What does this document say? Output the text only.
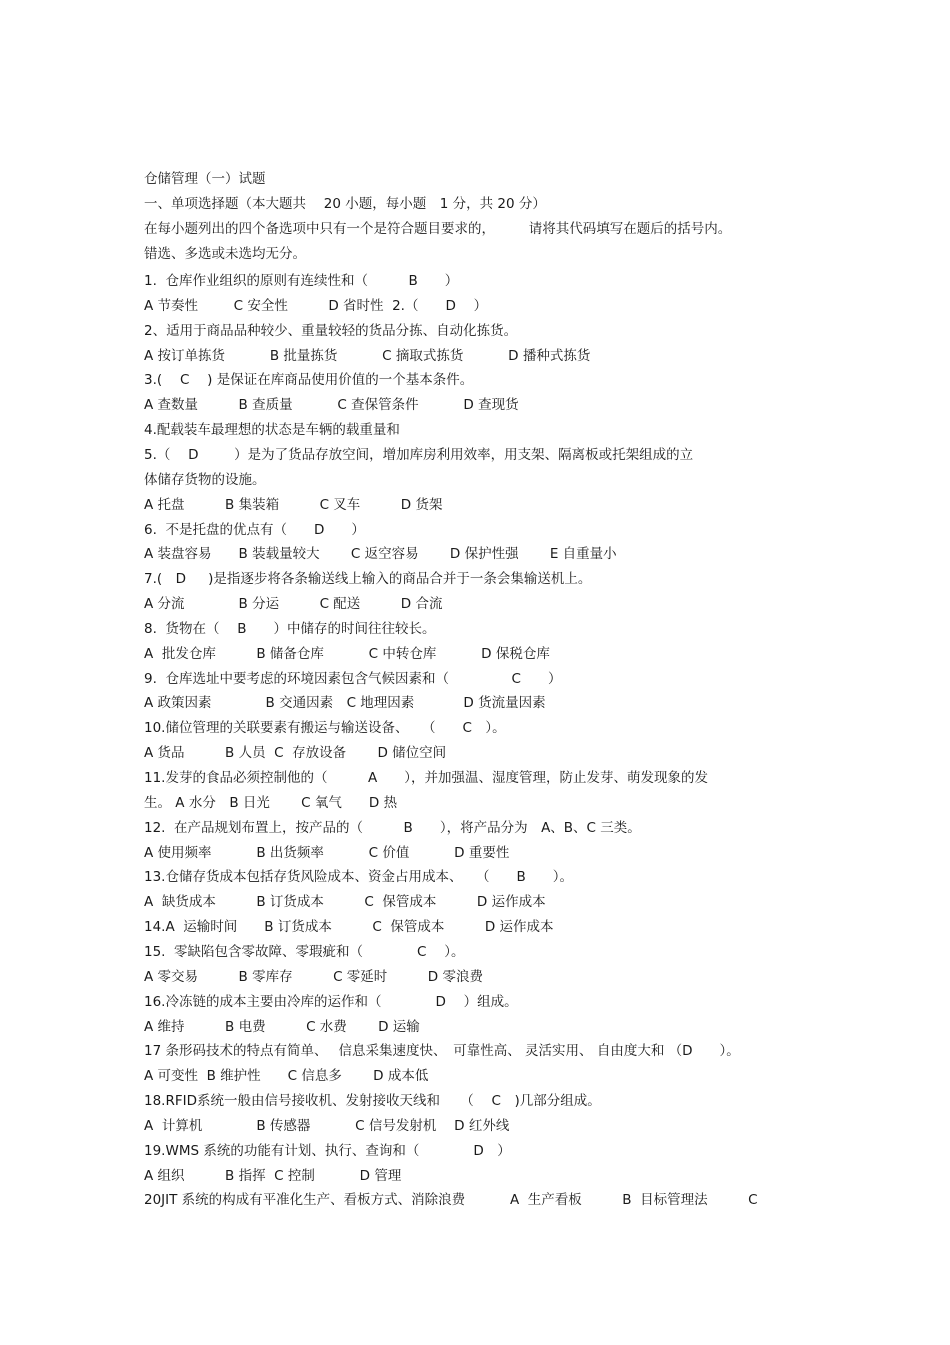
仓储管理（一）试题
一、单项选择题（本大题共　 20 小题，每小题　1 分，共 20 分）
在每小题列出的四个备选项中只有一个是符合题目要求的，　　　请将其代码填写在题后的括号内。
错选、多选或未选均无分。
1.  仓库作业组织的原则有连续性和（　　　B　　）
A 节奏性　　  C 安全性　　　D 省时性  2.（　　D　 ）
2、适用于商品品种较少、重量较轻的货品分拣、自动化拣货。
A 按订单拣货　　　 B 批量拣货　　　 C 摘取式拣货　　　 D 播种式拣货
3.(　 C　 ) 是保证在库商品使用价值的一个基本条件。
A 查数量　　　B 查质量　　　 C 查保管条件　　　 D 查现货
4.配载装车最理想的状态是车辆的载重量和
5.（　 D　　  ）是为了货品存放空间，增加库房利用效率，用支架、隔离板或托架组成的立
体储存货物的设施。
A 托盘　　　B 集装箱　　　C 叉车　　　D 货架
6.  不是托盘的优点有（　　D　　）
A 装盘容易　　B 装载量较大　　 C 返空容易　　 D 保护性强　　 E 自重量小
7.(　D　  )是指逐步将各条输送线上输入的商品合并于一条会集输送机上。
A 分流　　　　B 分运　　　C 配送　　　D 合流
8.  货物在（　 B　　）中储存的时间往往较长。
A  批发仓库　　　B 储备仓库　　　 C 中转仓库　　　 D 保税仓库
9.  仓库选址中要考虑的环境因素包含气候因素和（　　　　  C　　）
A 政策因素　　　　B 交通因素　C 地理因素　　　  D 货流量因素
10.储位管理的关联要素有搬运与输送设备、　　（　　C　）。
A 货品　　　B 人员  C  存放设备　　 D 储位空间
11.发芽的食品必须控制他的（　　　A　　），并加强温、湿度管理，防止发芽、萌发现象的发
生。 A 水分　B 日光　　 C 氧气　　D 热
12.  在产品规划布置上，按产品的（　　　B　　），将产品分为　A、B、C 三类。
A 使用频率　　　 B 出货频率　　　 C 价值　　　 D 重要性
13.仓储存货成本包括存货风险成本、资金占用成本、　　（　　B　　）。
A  缺货成本　　　B 订货成本　　　C  保管成本　　　D 运作成本
14.A  运输时间　　B 订货成本　　　C  保管成本　　　D 运作成本
15.  零缺陷包含零故障、零瑕疵和（　　　　C　 ）。
A 零交易　　　B 零库存　　　C 零延时　　　D 零浪费
16.冷冻链的成本主要由冷库的运作和（　　　　D　 ）组成。
A 维持　　　B 电费　　　C 水费　　 D 运输
17 条形码技术的特点有简单、　 信息采集速度快、　可靠性高、 灵活实用、 自由度大和 （D　　）。
A 可变性  B 维护性　　C 信息多　　 D 成本低
18.RFID系统一般由信号接收机、发射接收天线和　　（　 C　)几部分组成。
A  计算机　　　　B 传感器　　　 C 信号发射机　 D 红外线
19.WMS 系统的功能有计划、执行、查询和（　　　　D　）
A 组织　　　B 指挥  C 控制　　　 D 管理
20JIT 系统的构成有平准化生产、看板方式、消除浪费　　　 A  生产看板　　　B  目标管理法　　　C
